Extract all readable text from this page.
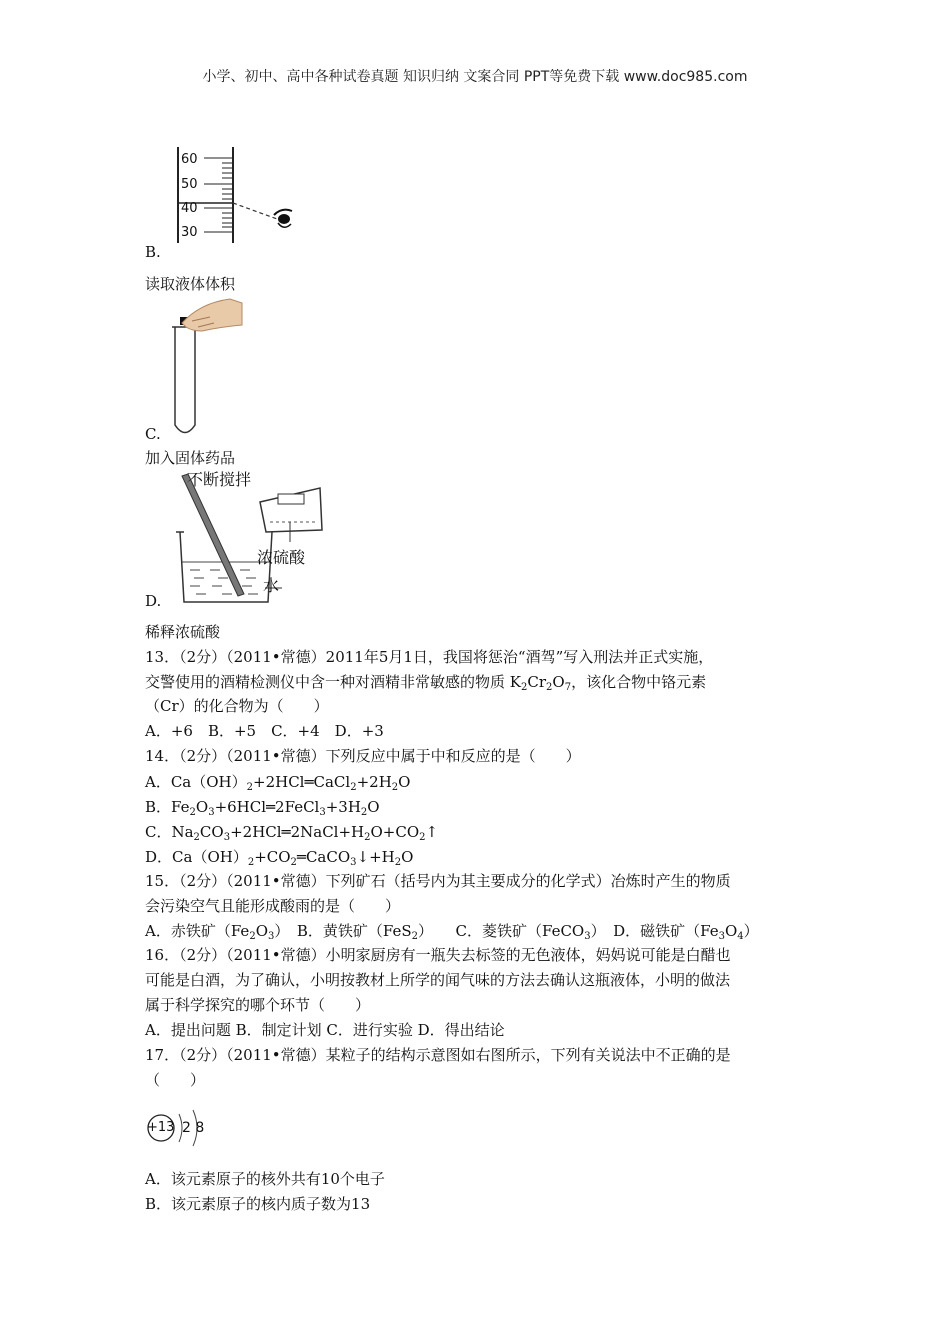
小学、初中、高中各种试卷真题 知识归纳 文案合同 PPT等免费下载 www.doc985.com
60
50
40
30
B.
读取液体体积
C.
加入固体药品
不断搅拌
浓硫酸
水
D.
稀释浓硫酸
13．（2分）（2011•常德）2011年5月1日，我国将惩治“酒驾”写入刑法并正式实施，
交警使用的酒精检测仪中含一种对酒精非常敏感的物质 $K_2Cr_2O_7$，该化合物中铬元素
（Cr）的化合物为（　　）
A．+6　B．+5　C．+4　D．+3
14．（2分）（2011•常德）下列反应中属于中和反应的是（　　）
A．$Ca(OH)_2+2HCl═CaCl_2+2H_2O$
B．$Fe_2O_3+6HCl═2FeCl_3+3H_2O$
C．$Na_2CO_3+2HCl═2NaCl+H_2O+CO_2↑$
D．$Ca(OH)_2+CO_2═CaCO_3↓+H_2O$
15．（2分）（2011•常德）下列矿石（括号内为其主要成分的化学式）冶炼时产生的物质
会污染空气且能形成酸雨的是（　　）
A．赤铁矿$(Fe_2O_3)$　B．黄铁矿（FeS$_2$）　　C．菱铁矿（FeCO$_3$）　D．磁铁矿$(Fe_3O_4)$
16．（2分）（2011•常德）小明家厨房有一瓶失去标签的无色液体，妈妈说可能是白醋也
可能是白酒，为了确认，小明按教材上所学的闻气味的方法去确认这瓶液体，小明的做法
属于科学探究的哪个环节（　　）
A．提出问题 B．制定计划 C．进行实验 D．得出结论
17．（2分）（2011•常德）某粒子的结构示意图如右图所示，下列有关说法中不正确的是
（　　）
+13 2 8
A．该元素原子的核外共有10个电子
B．该元素原子的核内质子数为13
